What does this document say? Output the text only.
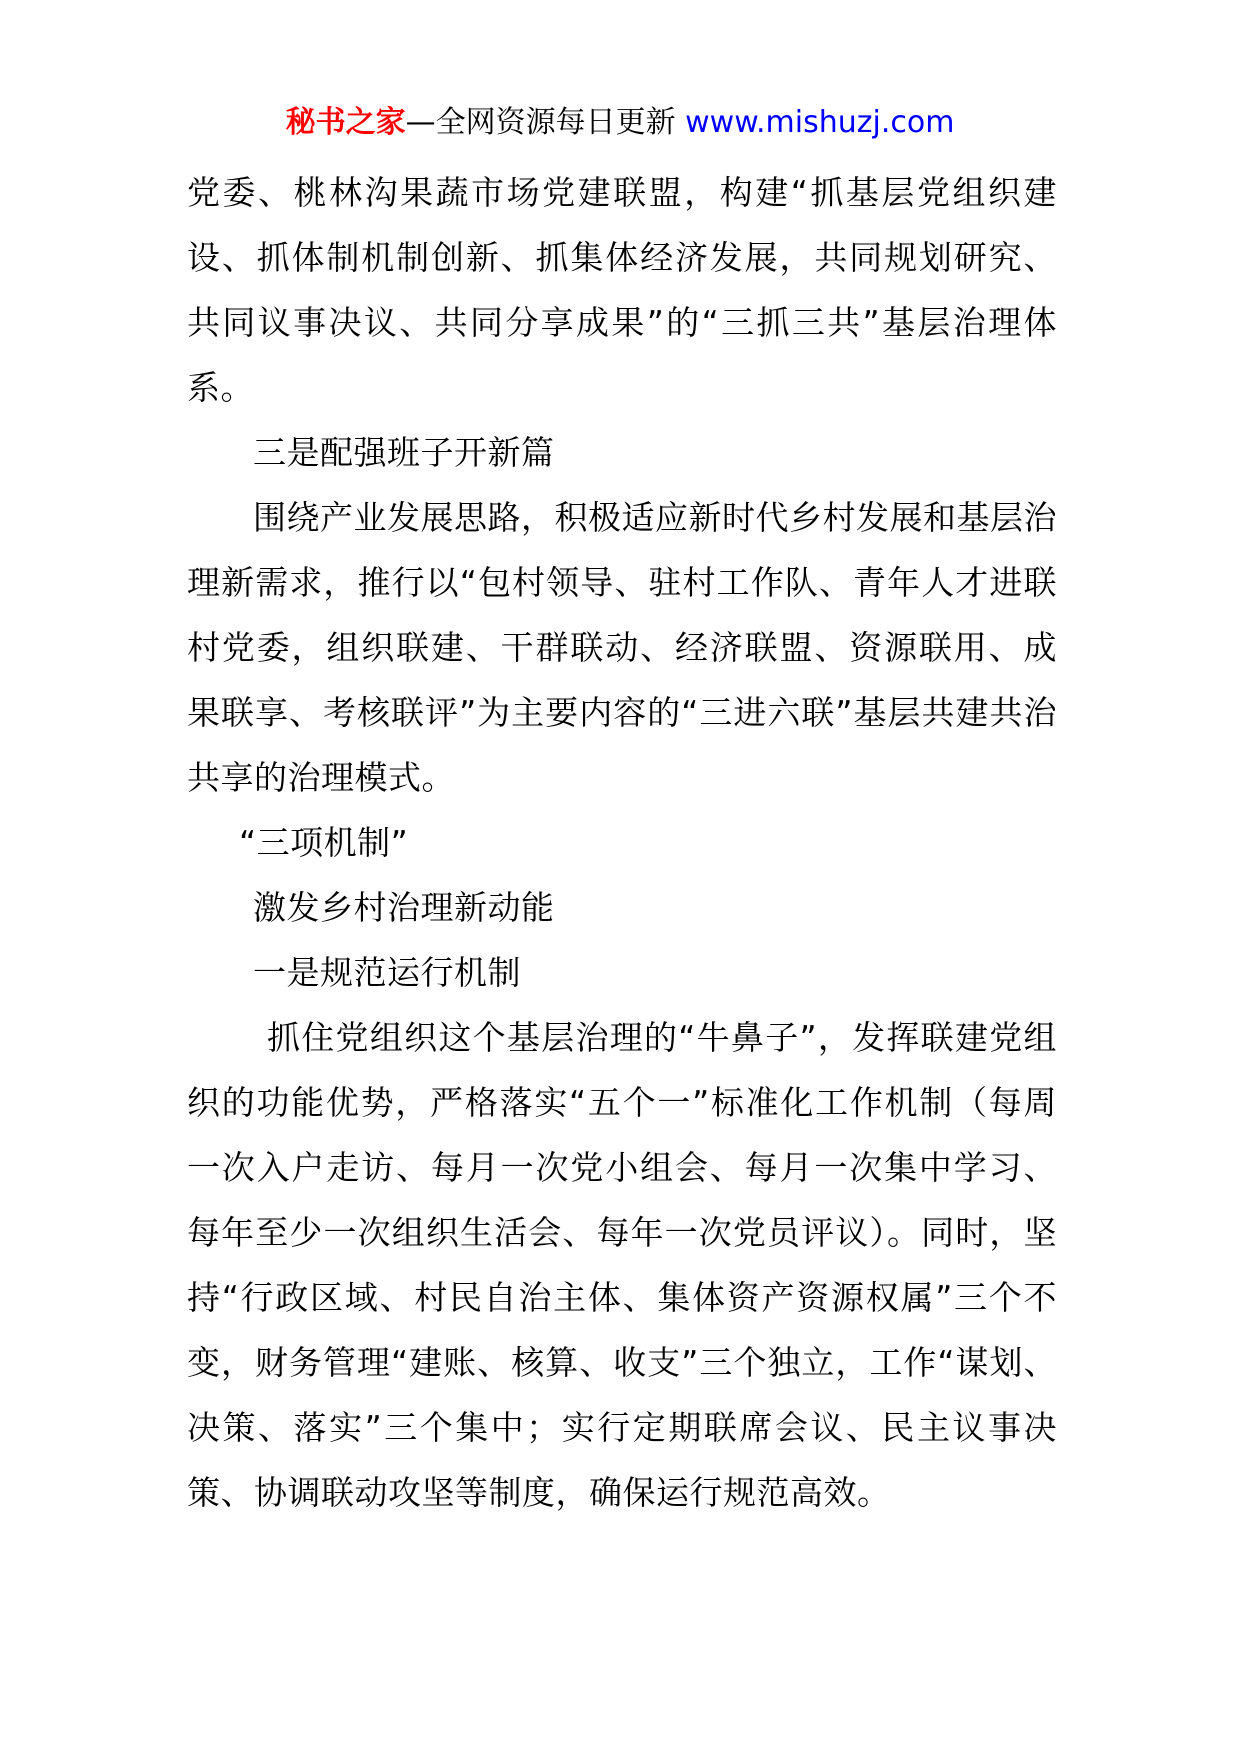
秘书之家—全网资源每日更新 www.mishuzj.com

党委、桃林沟果蔬市场党建联盟，构建“抓基层党组织建设、抓体制机制创新、抓集体经济发展，共同规划研究、共同议事决议、共同分享成果”的“三抓三共”基层治理体系。

三是配强班子开新篇

围绕产业发展思路，积极适应新时代乡村发展和基层治理新需求，推行以“包村领导、驻村工作队、青年人才进联村党委，组织联建、干群联动、经济联盟、资源联用、成果联享、考核联评”为主要内容的“三进六联”基层共建共治共享的治理模式。

“三项机制”

激发乡村治理新动能

一是规范运行机制

抓住党组织这个基层治理的“牛鼻子”，发挥联建党组织的功能优势，严格落实“五个一”标准化工作机制（每周一次入户走访、每月一次党小组会、每月一次集中学习、每年至少一次组织生活会、每年一次党员评议）。同时，坚持“行政区域、村民自治主体、集体资产资源权属”三个不变，财务管理“建账、核算、收支”三个独立，工作“谋划、决策、落实”三个集中；实行定期联席会议、民主议事决策、协调联动攻坚等制度，确保运行规范高效。
